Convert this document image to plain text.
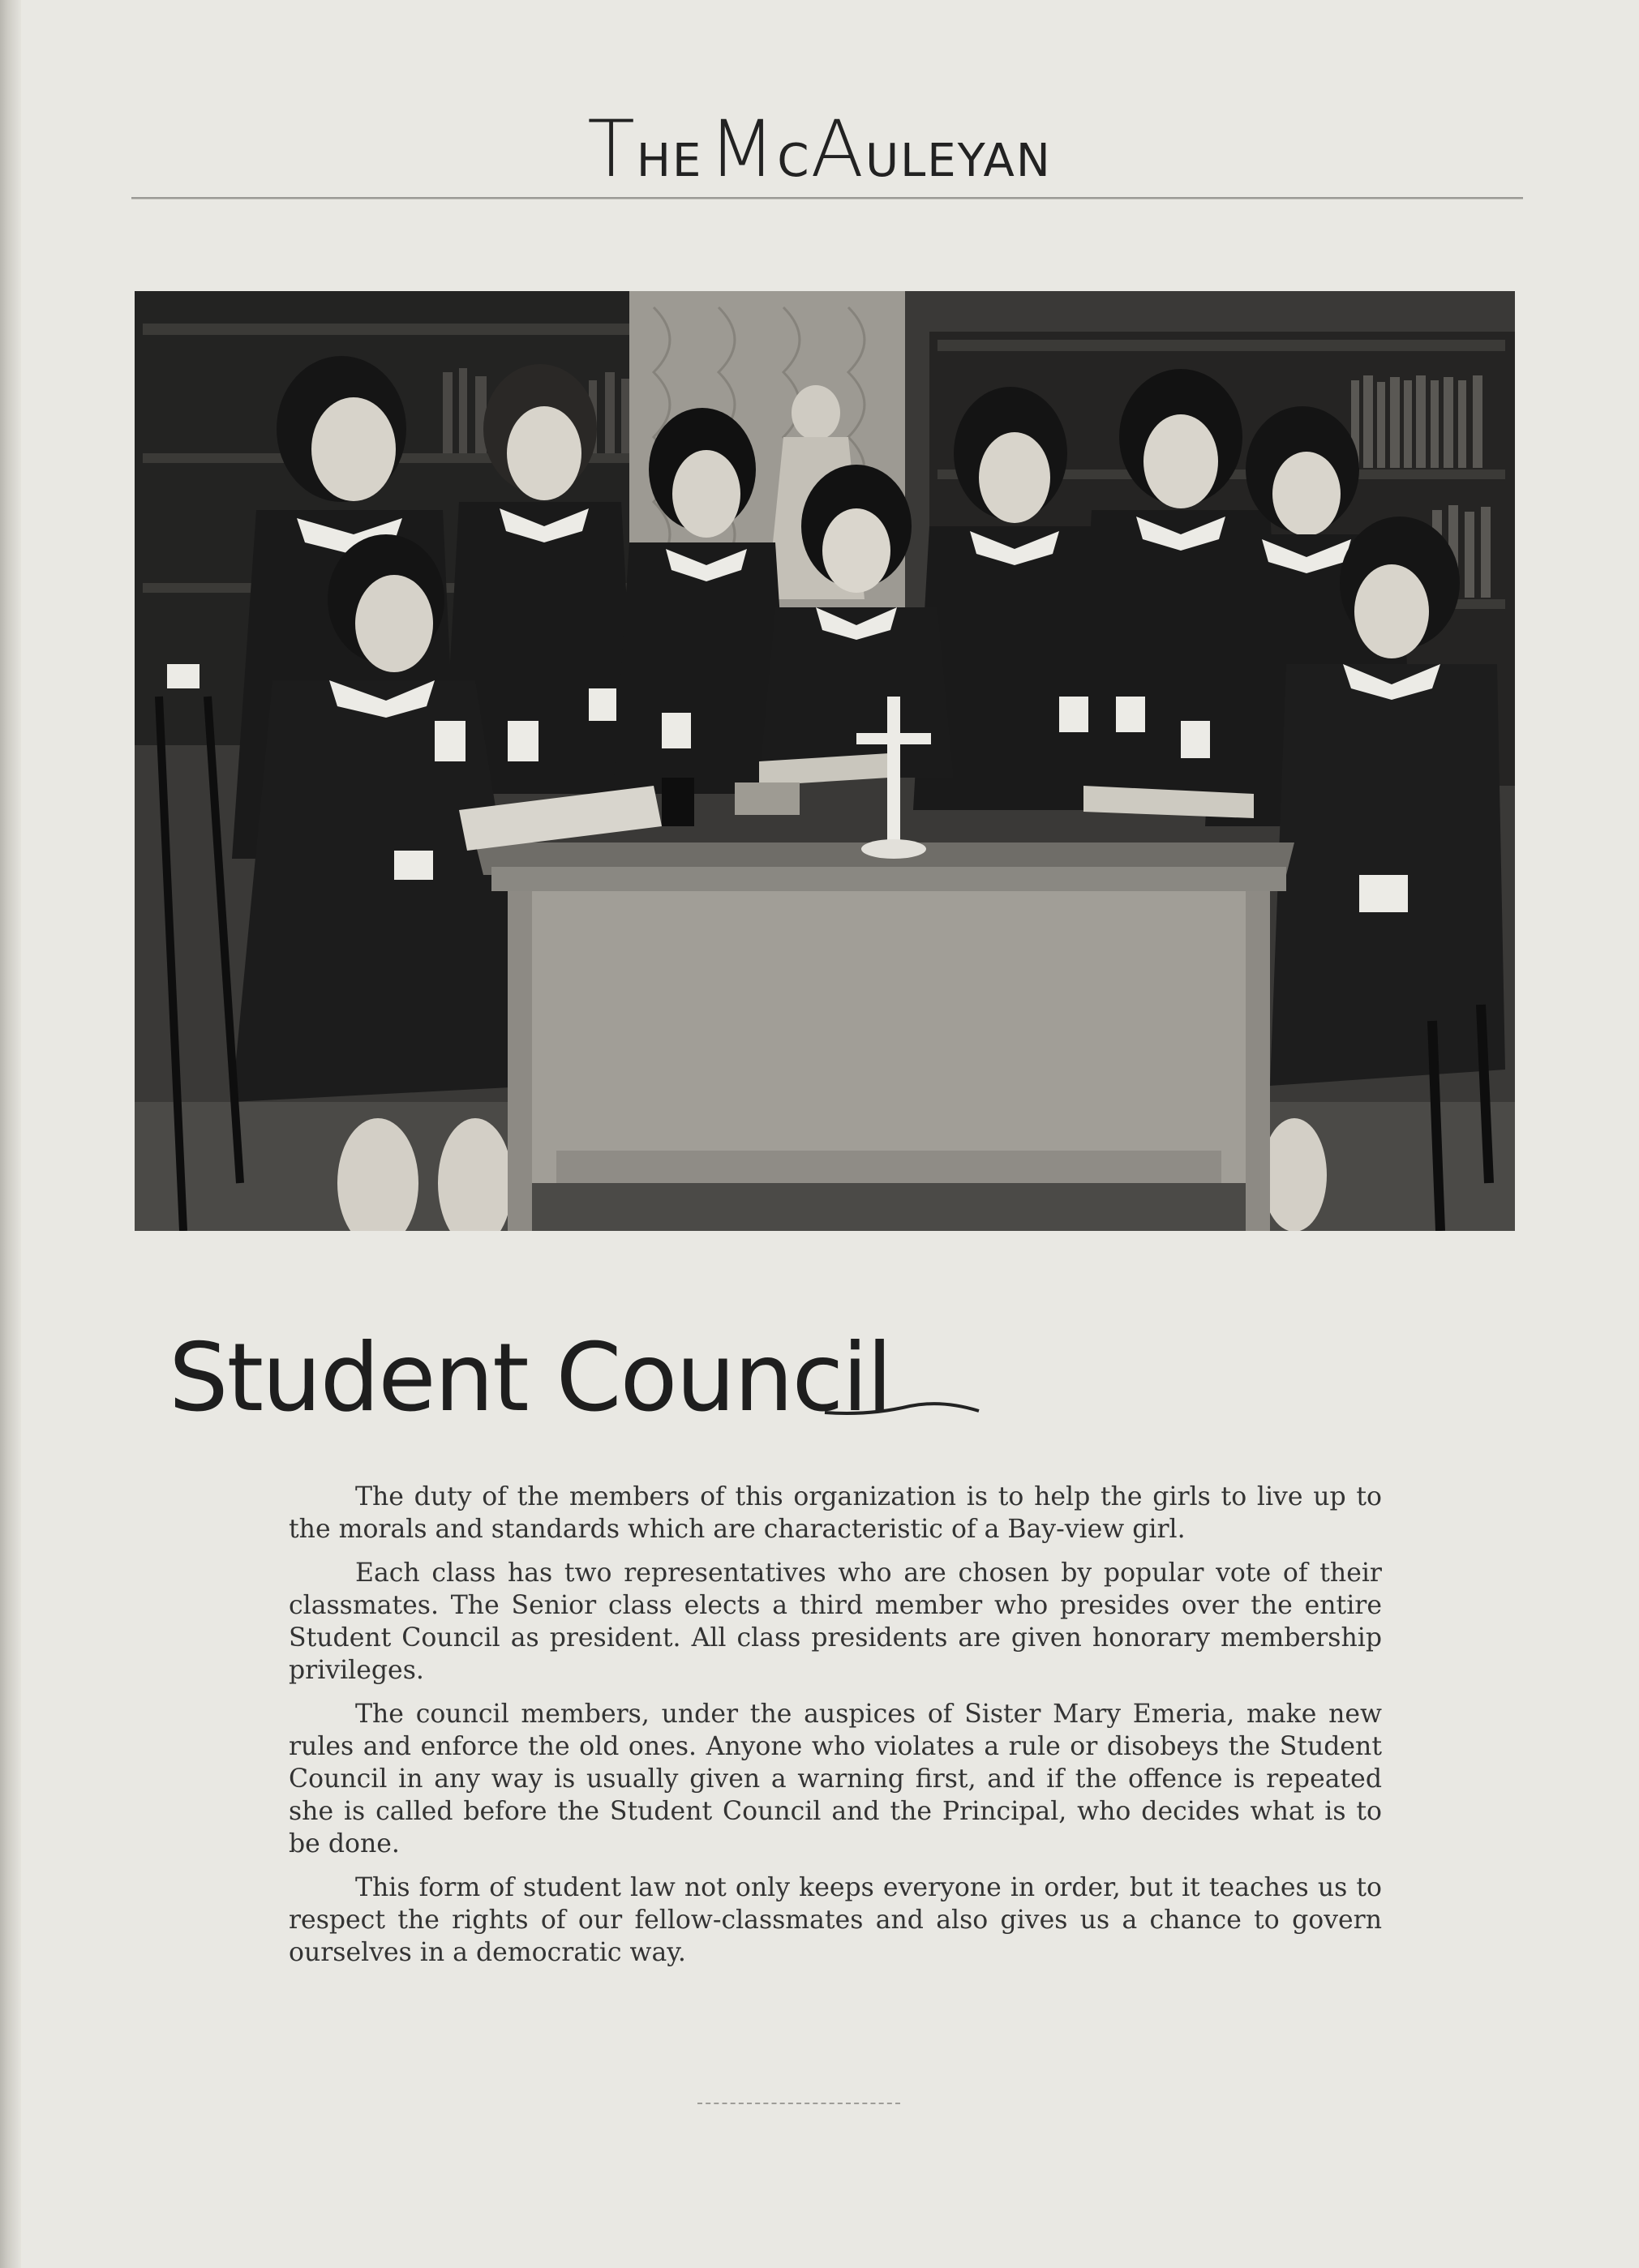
THE MCAULEYAN
Student Council

The duty of the members of this organization is to help the girls to live up to the morals and standards which are characteristic of a Bay-view girl.

Each class has two representatives who are chosen by popular vote of their classmates. The Senior class elects a third member who presides over the entire Student Council as president. All class presidents are given honorary membership privileges.

The council members, under the auspices of Sister Mary Emeria, make new rules and enforce the old ones. Anyone who violates a rule or disobeys the Student Council in any way is usually given a warning first, and if the offence is repeated she is called before the Student Council and the Principal, who decides what is to be done.

This form of student law not only keeps everyone in order, but it teaches us to respect the rights of our fellow-classmates and also gives us a chance to govern ourselves in a democratic way.
